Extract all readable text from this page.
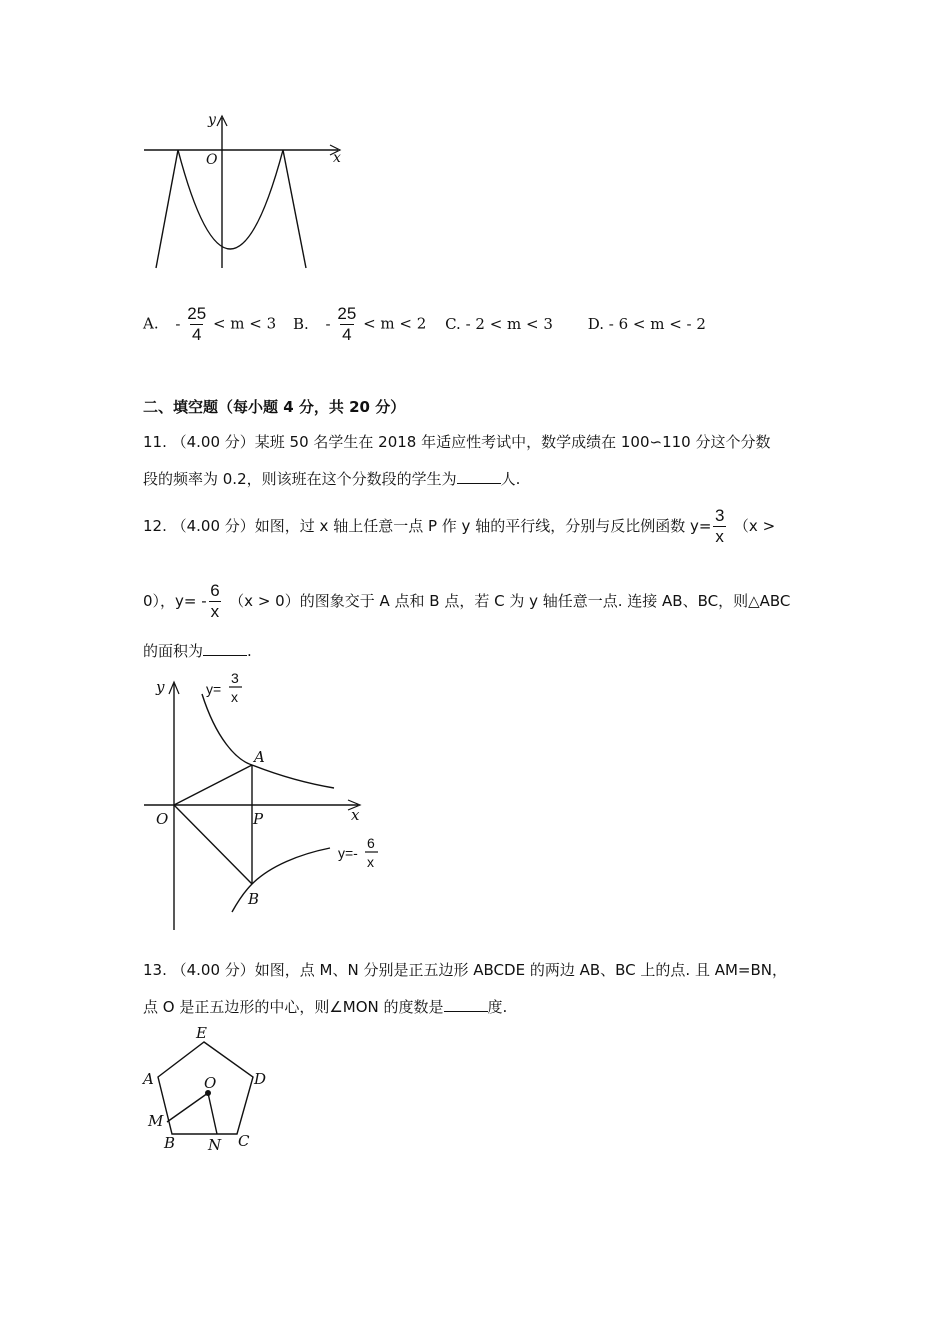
y
O	x
A. - $\frac{25}{4} < m < 3$ B. - $\frac{25}{4} < m < 2$ C. - 2 < m < 3 D. - 6 < m < - 2
二、填空题（每小题 4 分，共 20 分）
11. （4.00 分）某班 50 名学生在 2018 年适应性考试中，数学成绩在 100∽110 分这个分数
段的频率为 0.2，则该班在这个分数段的学生为	人.
12. （4.00 分）如图，过 x 轴上任意一点 P 作 y 轴的平行线，分别与反比例函数 $y= \frac{3}{x} (x$ >
0），$y= - \frac{6}{x} (x > 0)$的图象交于 A 点和 B 点，若 C 为 y 轴任意一点. 连接 AB、BC，则△ABC
的面积为	.
y
x
O	P
A
B
y=
3
x
y=-
6
x
13. （4.00 分）如图，点 M、N 分别是正五边形 ABCDE 的两边 AB、BC 上的点. 且 AM=BN，
点 O 是正五边形的中心，则∠MON 的度数是	度.
E
A	D
O
M
B N C
